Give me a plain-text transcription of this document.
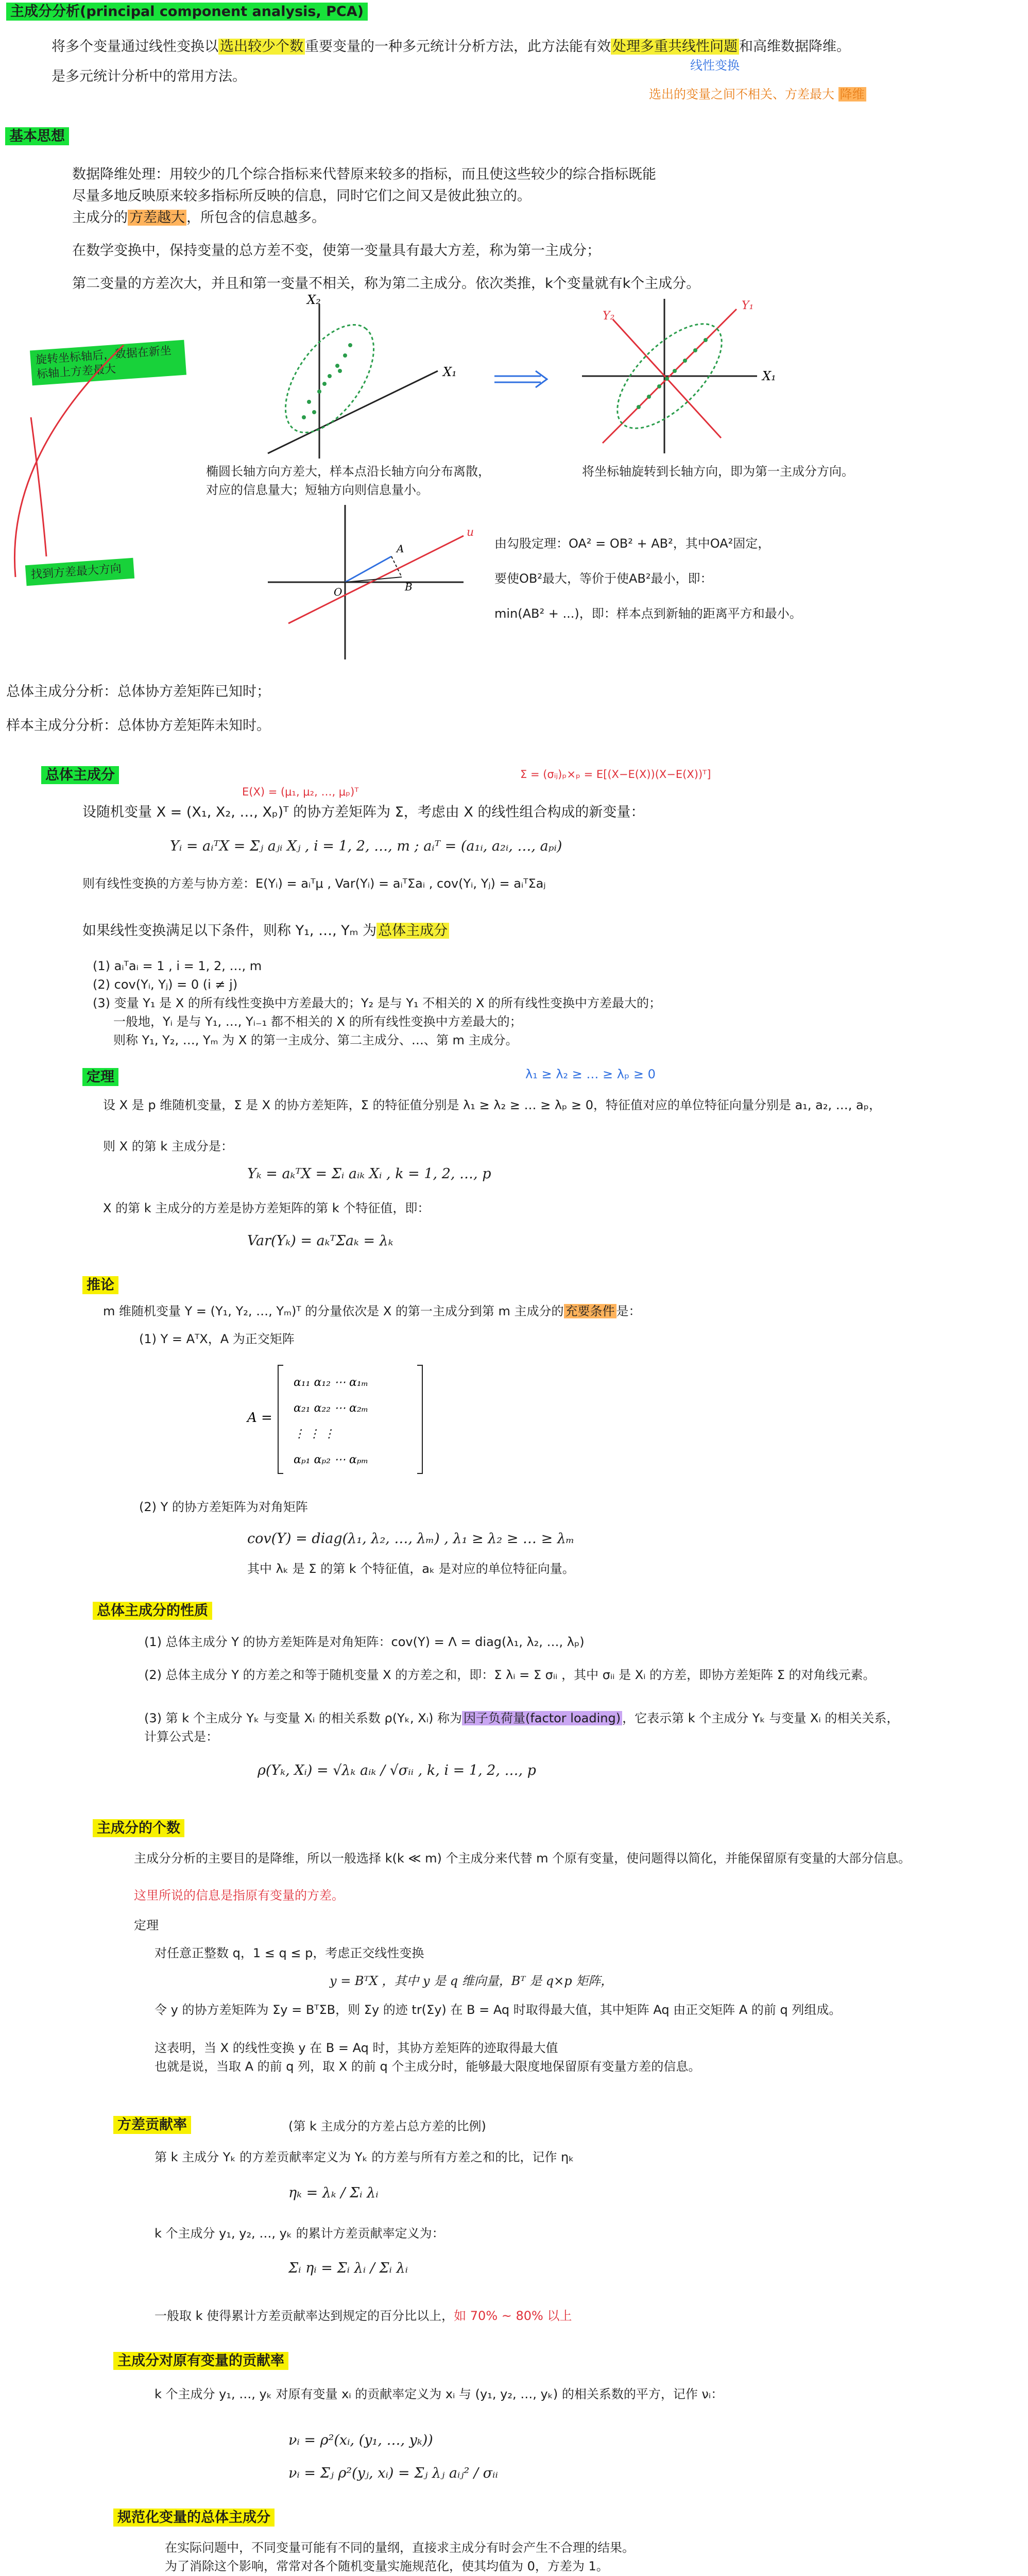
主成分分析(principal component analysis, PCA)
将多个变量通过线性变换以 选出较少个数 重要变量的一种多元统计分析方法，此方法能有效 处理多重共线性问题 和高维数据降维。
是多元统计分析中的常用方法。
线性变换
选出的变量之间不相关、方差最大 降维
基本思想
数据降维处理：用较少的几个综合指标来代替原来较多的指标，而且使这些较少的综合指标既能
尽量多地反映原来较多指标所反映的信息，同时它们之间又是彼此独立的。
主成分的 方差越大 ，所包含的信息越多。
在数学变换中，保持变量的总方差不变，使第一变量具有最大方差，称为第一主成分；
第二变量的方差次大，并且和第一变量不相关，称为第二主成分。依次类推，k个变量就有k个主成分。
旋转坐标轴后，数据在新坐标轴上方差最大
找到方差最大方向
X₁
X₂
X₁
Y₁
Y₂
u
A
B
O
椭圆长轴方向方差大，样本点沿长轴方向分布离散，
对应的信息量大；短轴方向则信息量小。
将坐标轴旋转到长轴方向，即为第一主成分方向。
由勾股定理：OA² = OB² + AB²，其中OA²固定，
要使OB²最大，等价于使AB²最小，即：
min(AB² + ...)，即：样本点到新轴的距离平方和最小。
总体主成分分析：总体协方差矩阵已知时；
样本主成分分析：总体协方差矩阵未知时。
总体主成分
E(X) = (μ₁, μ₂, …, μₚ)ᵀ
Σ = (σᵢⱼ)ₚ×ₚ = E[(X−E(X))(X−E(X))ᵀ]
设随机变量 X = (X₁, X₂, …, Xₚ)ᵀ 的协方差矩阵为 Σ，考虑由 X 的线性组合构成的新变量：
Yᵢ = aᵢᵀX = Σⱼ aⱼᵢ Xⱼ , i = 1, 2, …, m ; aᵢᵀ = (a₁ᵢ, a₂ᵢ, …, aₚᵢ)
则有线性变换的方差与协方差：E(Yᵢ) = aᵢᵀμ , Var(Yᵢ) = aᵢᵀΣaᵢ , cov(Yᵢ, Yⱼ) = aᵢᵀΣaⱼ
如果线性变换满足以下条件，则称 Y₁, …, Yₘ 为 总体主成分
(1) aᵢᵀaᵢ = 1 , i = 1, 2, …, m
(2) cov(Yᵢ, Yⱼ) = 0 (i ≠ j)
(3) 变量 Y₁ 是 X 的所有线性变换中方差最大的；Y₂ 是与 Y₁ 不相关的 X 的所有线性变换中方差最大的；
一般地，Yᵢ 是与 Y₁, …, Yᵢ₋₁ 都不相关的 X 的所有线性变换中方差最大的；
则称 Y₁, Y₂, …, Yₘ 为 X 的第一主成分、第二主成分、…、第 m 主成分。
定理	λ₁ ≥ λ₂ ≥ … ≥ λₚ ≥ 0
设 X 是 p 维随机变量，Σ 是 X 的协方差矩阵，Σ 的特征值分别是 λ₁ ≥ λ₂ ≥ … ≥ λₚ ≥ 0，特征值对应的单位特征向量分别是 a₁, a₂, …, aₚ，
则 X 的第 k 主成分是：
Yₖ = aₖᵀX = Σᵢ aᵢₖ Xᵢ , k = 1, 2, …, p
X 的第 k 主成分的方差是协方差矩阵的第 k 个特征值，即：
Var(Yₖ) = aₖᵀΣaₖ = λₖ
推论
m 维随机变量 Y = (Y₁, Y₂, …, Yₘ)ᵀ 的分量依次是 X 的第一主成分到第 m 主成分的 充要条件 是：
(1) Y = AᵀX，A 为正交矩阵
A =
α₁₁ α₁₂ ⋯ α₁ₘ
α₂₁ α₂₂ ⋯ α₂ₘ
⋮ ⋮ ⋮
αₚ₁ αₚ₂ ⋯ αₚₘ
(2) Y 的协方差矩阵为对角矩阵
cov(Y) = diag(λ₁, λ₂, …, λₘ) , λ₁ ≥ λ₂ ≥ … ≥ λₘ
其中 λₖ 是 Σ 的第 k 个特征值，aₖ 是对应的单位特征向量。
总体主成分的性质
(1) 总体主成分 Y 的协方差矩阵是对角矩阵：cov(Y) = Λ = diag(λ₁, λ₂, …, λₚ)
(2) 总体主成分 Y 的方差之和等于随机变量 X 的方差之和，即：Σ λᵢ = Σ σᵢᵢ ，其中 σᵢᵢ 是 Xᵢ 的方差，即协方差矩阵 Σ 的对角线元素。
(3) 第 k 个主成分 Yₖ 与变量 Xᵢ 的相关系数 ρ(Yₖ, Xᵢ) 称为 因子负荷量(factor loading) ，它表示第 k 个主成分 Yₖ 与变量 Xᵢ 的相关关系，
计算公式是：
ρ(Yₖ, Xᵢ) = √λₖ aᵢₖ / √σᵢᵢ , k, i = 1, 2, …, p
主成分的个数
主成分分析的主要目的是降维，所以一般选择 k(k ≪ m) 个主成分来代替 m 个原有变量，使问题得以简化，并能保留原有变量的大部分信息。
这里所说的信息是指原有变量的方差。
定理
对任意正整数 q，1 ≤ q ≤ p，考虑正交线性变换
y = BᵀX ，其中 y 是 q 维向量，Bᵀ 是 q×p 矩阵，
令 y 的协方差矩阵为 Σy = BᵀΣB，则 Σy 的迹 tr(Σy) 在 B = Aq 时取得最大值，其中矩阵 Aq 由正交矩阵 A 的前 q 列组成。
这表明，当 X 的线性变换 y 在 B = Aq 时，其协方差矩阵的迹取得最大值
也就是说，当取 A 的前 q 列，取 X 的前 q 个主成分时，能够最大限度地保留原有变量方差的信息。
方差贡献率	(第 k 主成分的方差占总方差的比例)
第 k 主成分 Yₖ 的方差贡献率定义为 Yₖ 的方差与所有方差之和的比，记作 ηₖ
ηₖ = λₖ / Σᵢ λᵢ
k 个主成分 y₁, y₂, …, yₖ 的累计方差贡献率定义为：
Σᵢ ηᵢ = Σᵢ λᵢ / Σᵢ λᵢ
一般取 k 使得累计方差贡献率达到规定的百分比以上，如 70% ~ 80% 以上
主成分对原有变量的贡献率
k 个主成分 y₁, …, yₖ 对原有变量 xᵢ 的贡献率定义为 xᵢ 与 (y₁, y₂, …, yₖ) 的相关系数的平方，记作 νᵢ：
νᵢ = ρ²(xᵢ, (y₁, …, yₖ))
νᵢ = Σⱼ ρ²(yⱼ, xᵢ) = Σⱼ λⱼ aᵢⱼ² / σᵢᵢ
规范化变量的总体主成分
在实际问题中，不同变量可能有不同的量纲，直接求主成分有时会产生不合理的结果。
为了消除这个影响，常常对各个随机变量实施规范化，使其均值为 0，方差为 1。
